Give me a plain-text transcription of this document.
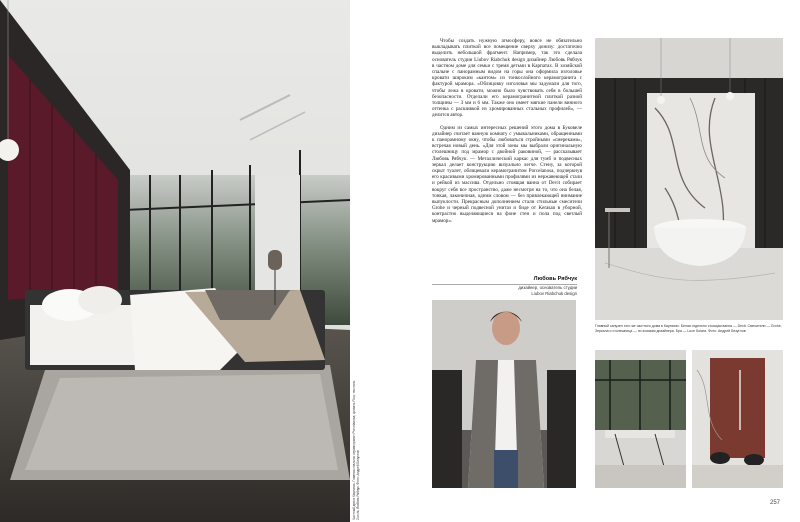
Частный дом в Карпатах. Главная спальня: керамогранит Porcelanosa; кровать Flou; текстиль Zucchi. Любовь Рябчук. Фото: Андрей Безуглов

Чтобы создать нужную атмосферу, вовсе не обязательно выкладывать плиткой все помещение сверху донизу: достаточно выделить небольшой фрагмент. Например, так это сделала основатель студии Liubov Riabchuk design дизайнер Любовь Рябчук в частном доме для семьи с тремя детьми в Карпатах. В хозяйской спальне с панорамным видом на горы она оформила изголовье кровати широким «кантом» из тонкослойного керамогранита с фактурой мрамора. «Облицовку изголовья мы задумали для того, чтобы лежа в кровати, можно было чувствовать себя в большей безопасности. Отделали его керамогранитной плиткой разной толщины — 3 мм и 6 мм. Также оно имеет мягкие панели винного оттенка с расшивкой из хромированных стальных профилей», — делится автор.

Одним из самых интересных решений этого дома в Буковеле дизайнер считает ванную комнату с умывальниками, обращенными к панорамному окну, чтобы любоваться стройными «смереками», встречая новый день. «Для этой зоны мы выбрали оригинальную столешницу под мрамор с двойной раковиной, — рассказывает Любовь Рябчук. — Металлический каркас для тумб и подвесных зеркал делает конструкцию визуально легче. Стену, за которой скрыт туалет, облицевали керамогранитом Porcelanosa, подчеркнув его красивыми хромированными профилями из нержавеющей стали и рейкой из массива. Отдельно стоящая ванна от Devit собирает вокруг себя все пространство, даже несмотря на то, что она белая, тонкая, лаконичная, одним словом — без привлекающей внимание выпуклости. Прекрасным дополнением стали стильные смесители Grohe и черный подвесной унитаз и биде от Kerasan в уборной, контрастно выделяющиеся на фоне стен и пола под светлый мрамор».

Любовь Рябчук
дизайнер, основатель студии
Liubov Riabchuk design
Главный санузел того же частного дома в Карпатах. Белая отдельно стоящая ванна — Devit. Смесители — Grohe. Зеркала и столешница — по эскизам дизайнера. Бра — Luce Solara. Фото: Андрей Безуглов
257
